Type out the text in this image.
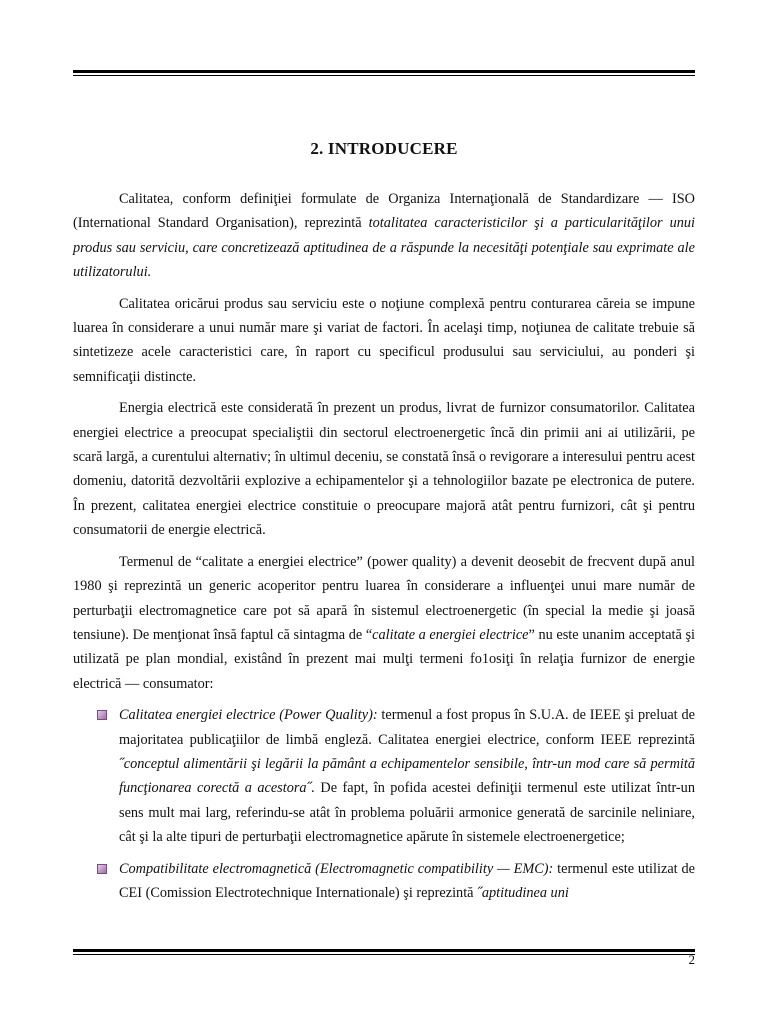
2. INTRODUCERE

Calitatea, conform definiţiei formulate de Organiza Internaţională de Standardizare — ISO (International Standard Organisation), reprezintă totalitatea caracteristicilor şi a particularităţilor unui produs sau serviciu, care concretizează aptitudinea de a răspunde la necesităţi potenţiale sau exprimate ale utilizatorului.

Calitatea oricărui produs sau serviciu este o noţiune complexă pentru conturarea căreia se impune luarea în considerare a unui număr mare şi variat de factori. În acelaşi timp, noţiunea de calitate trebuie să sintetizeze acele caracteristici care, în raport cu specificul produsului sau serviciului, au ponderi şi semnificaţii distincte.

Energia electrică este considerată în prezent un produs, livrat de furnizor consumatorilor. Calitatea energiei electrice a preocupat specialiştii din sectorul electroenergetic încă din primii ani ai utilizării, pe scară largă, a curentului alternativ; în ultimul deceniu, se constată însă o revigorare a interesului pentru acest domeniu, datorită dezvoltării explozive a echipamentelor şi a tehnologiilor bazate pe electronica de putere. În prezent, calitatea energiei electrice constituie o preocupare majoră atât pentru furnizori, cât şi pentru consumatorii de energie electrică.

Termenul de “calitate a energiei electrice” (power quality) a devenit deosebit de frecvent după anul 1980 şi reprezintă un generic acoperitor pentru luarea în considerare a influenţei unui mare număr de perturbaţii electromagnetice care pot să apară în sistemul electroenergetic (în special la medie şi joasă tensiune). De menţionat însă faptul că sintagma de “calitate a energiei electrice” nu este unanim acceptată şi utilizată pe plan mondial, existând în prezent mai mulţi termeni fo1osiţi în relaţia furnizor de energie electrică — consumator:

Calitatea energiei electrice (Power Quality): termenul a fost propus în S.U.A. de IEEE şi preluat de majoritatea publicaţiilor de limbă engleză. Calitatea energiei electrice, conform IEEE reprezintă ˝conceptul alimentării şi legării la pământ a echipamentelor sensibile, într-un mod care să permită funcţionarea corectă a acestora˝. De fapt, în pofida acestei definiţii termenul este utilizat într-un sens mult mai larg, referindu-se atât în problema poluării armonice generată de sarcinile neliniare, cât şi la alte tipuri de perturbaţii electromagnetice apărute în sistemele electroenergetice;
Compatibilitate electromagnetică (Electromagnetic compatibility — EMC): termenul este utilizat de CEI (Comission Electrotechnique Internationale) şi reprezintă ˝aptitudinea uni
2
